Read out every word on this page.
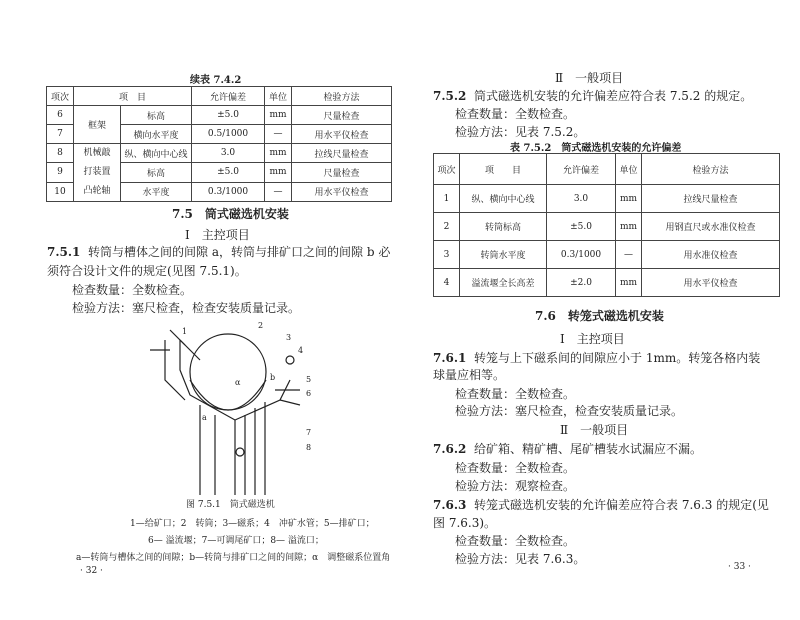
续表 7.4.2
项次	项　目		允许偏差	单位	检验方法
6	框架	标高	±5.0	mm	尺量检查
7		横向水平度	0.5/1000	—	用水平仪检查
8	机械敲打装置凸轮轴	纵、横向中心线	3.0	mm	拉线尺量检查
9		标高	±5.0	mm	尺量检查
10		水平度	0.3/1000	—	用水平仪检查
7.5　筒式磁选机安装
Ⅰ　主控项目
7.5.1 转筒与槽体之间的间隙 a，转筒与排矿口之间的间隙 b 必
须符合设计文件的规定(见图 7.5.1)。
检查数量：全数检查。
检验方法：塞尺检查，检查安装质量记录。
1
2
3
4
5
6
7
8
a
b
α
图 7.5.1　筒式磁选机
1—给矿口；2　转筒；3—磁系；4　冲矿水管；5—排矿口；
6— 溢流堰；7—可调尾矿口；8— 溢流口；
a—转筒与槽体之间的间隙；b—转筒与排矿口之间的间隙；α　调整磁系位置角
· 32 ·
Ⅱ　一般项目
7.5.2 筒式磁选机安装的允许偏差应符合表 7.5.2 的规定。
检查数量：全数检查。
检验方法：见表 7.5.2。
表 7.5.2　筒式磁选机安装的允许偏差
项次	项　　目	允许偏差	单位	检验方法
1	纵、横向中心线	3.0	mm	拉线尺量检查
2	转筒标高	±5.0	mm	用钢直尺或水准仪检查
3	转筒水平度	0.3/1000	—	用水准仪检查
4	溢流堰全长高差	±2.0	mm	用水平仪检查
7.6　转笼式磁选机安装
Ⅰ　主控项目
7.6.1 转笼与上下磁系间的间隙应小于 1mm。转笼各格内装
球量应相等。
检查数量：全数检查。
检验方法：塞尺检查，检查安装质量记录。
Ⅱ　一般项目
7.6.2 给矿箱、精矿槽、尾矿槽装水试漏应不漏。
检查数量：全数检查。
检验方法：观察检查。
7.6.3 转笼式磁选机安装的允许偏差应符合表 7.6.3 的规定(见
图 7.6.3)。
检查数量：全数检查。
检验方法：见表 7.6.3。
· 33 ·
